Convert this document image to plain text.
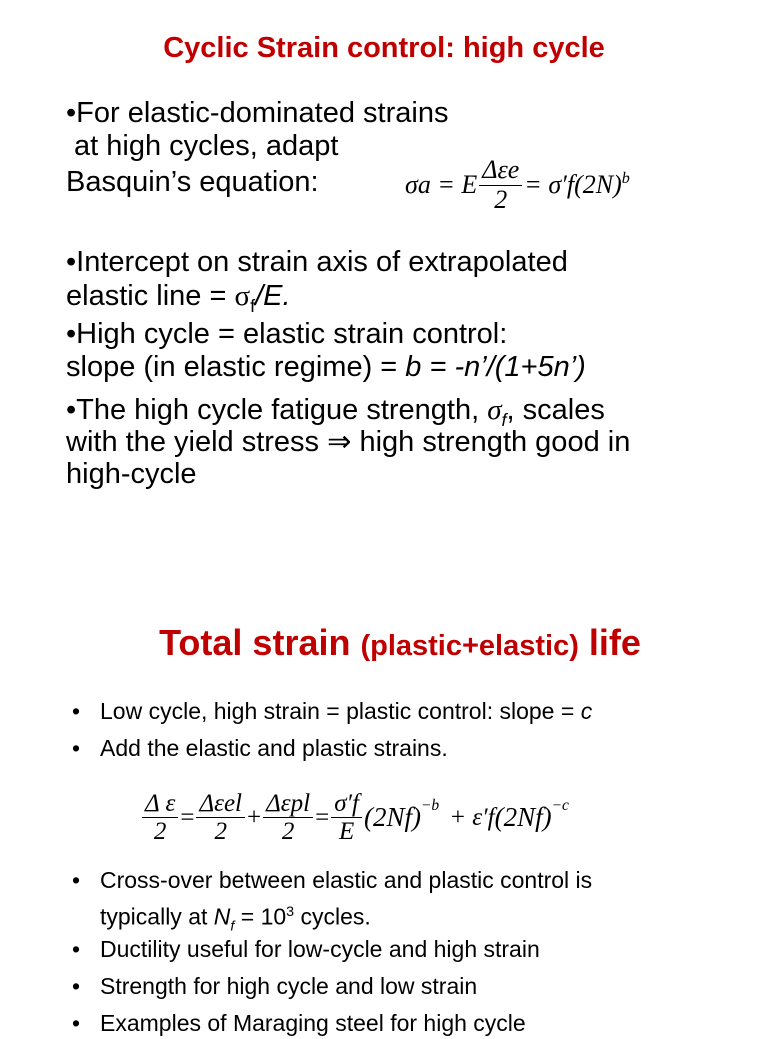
Cyclic Strain control: high cycle
•For elastic-dominated strains
at high cycles, adapt
Basquin’s equation:	σa = E $\frac{\text{Δεe}}{2} = \sigma'f(2N)^b$
•Intercept on strain axis of extrapolated
elastic line = $\sigma_f/E$.
•High cycle = elastic strain control:
slope (in elastic regime) = b = -n’/(1+5n’)
•The high cycle fatigue strength, $\sigma_f$, scales
with the yield stress ⇒ high strength good in
high-cycle
Total strain (plastic+elastic) life
• Low cycle, high strain = plastic control: slope = c
• Add the elastic and plastic strains.
$\frac{\text{Δ ε}}{2} = \frac{\text{Δεel}}{2} + \frac{\text{Δεpl}}{2} = \frac{\sigma'f}{E} (2Nf)^{-b} + \varepsilon'f$ $(2Nf)^{-c}$
• Cross-over between elastic and plastic control is
typically at $N_f = 10^3$ cycles.
• Ductility useful for low-cycle and high strain
• Strength for high cycle and low strain
• Examples of Maraging steel for high cycle
